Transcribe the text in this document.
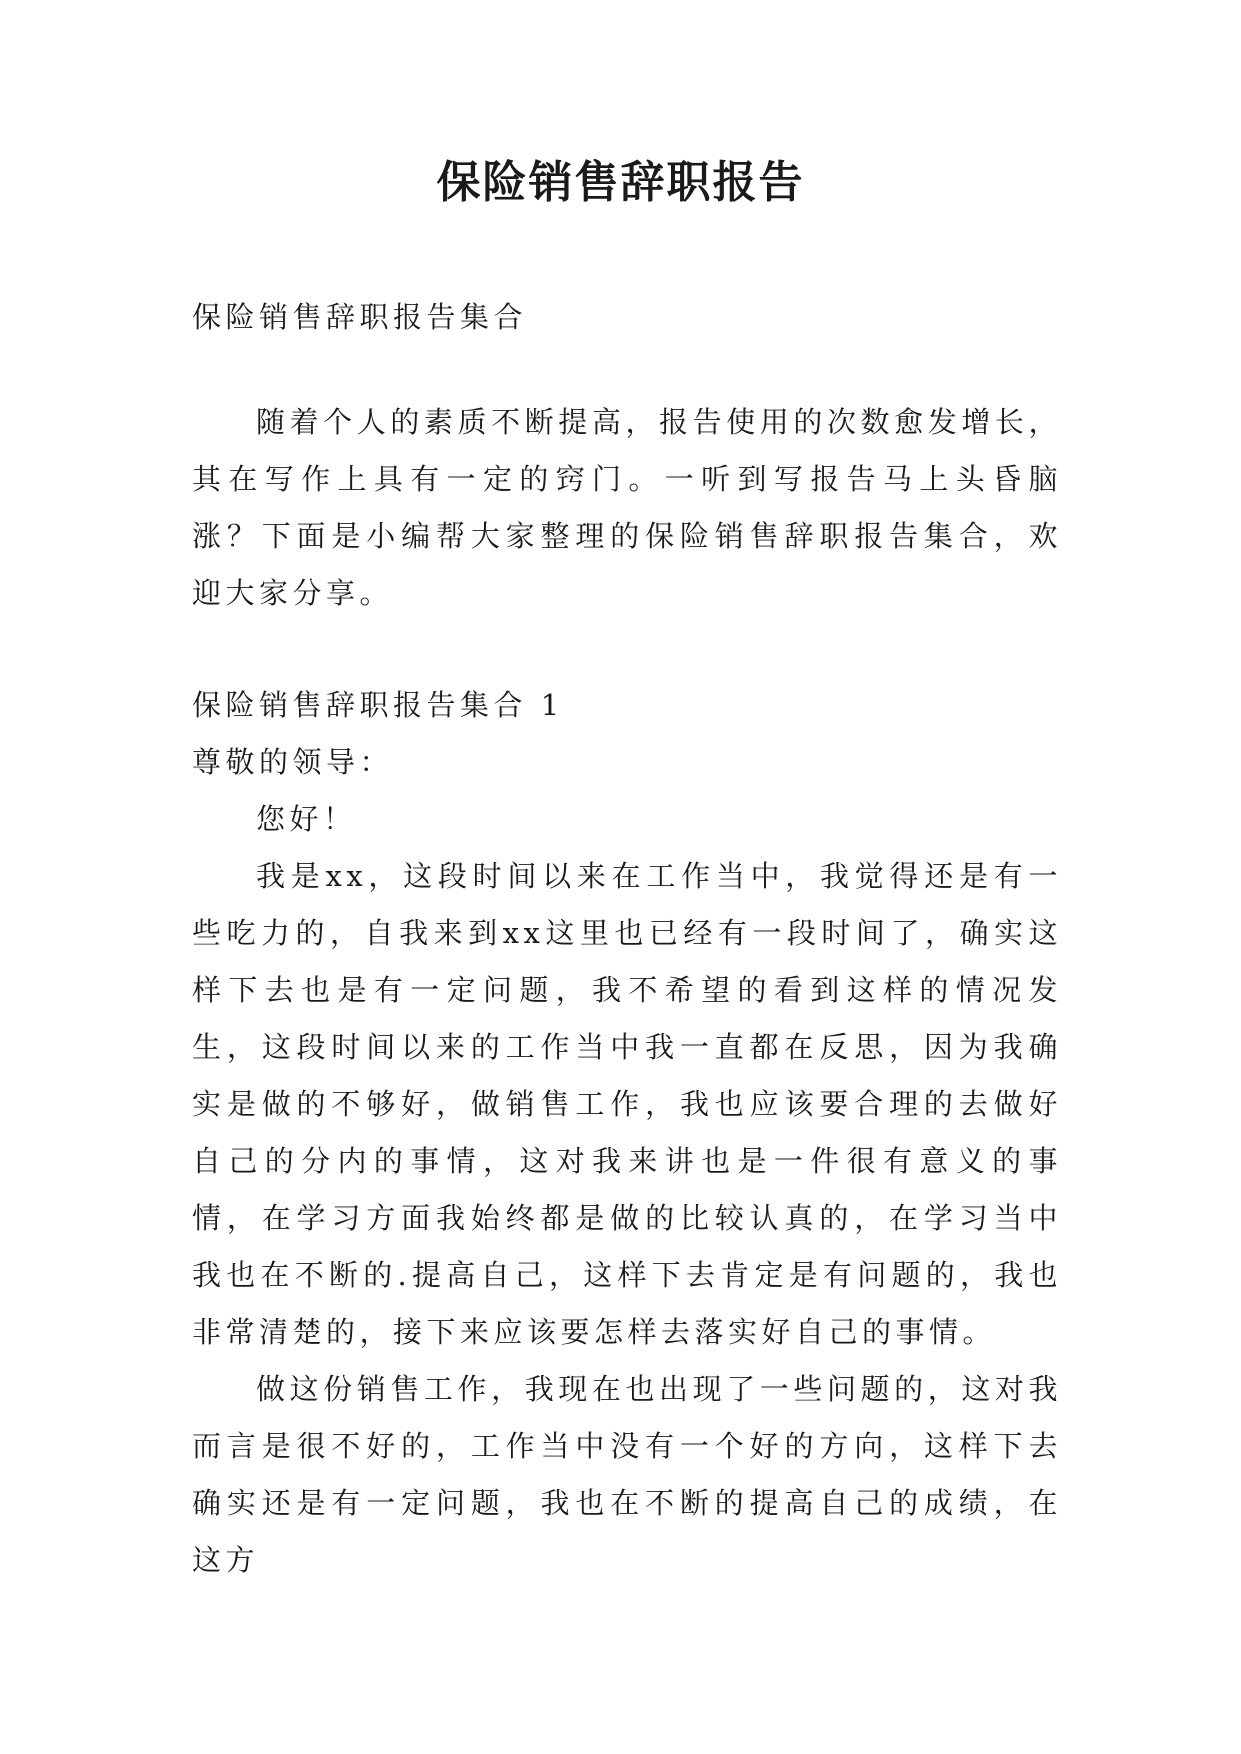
保险销售辞职报告

保险销售辞职报告集合

随着个人的素质不断提高，报告使用的次数愈发增长，其在写作上具有一定的窍门。一听到写报告马上头昏脑涨？下面是小编帮大家整理的保险销售辞职报告集合，欢迎大家分享。

保险销售辞职报告集合 1

尊敬的领导：

您好！

我是xx，这段时间以来在工作当中，我觉得还是有一些吃力的，自我来到xx这里也已经有一段时间了，确实这样下去也是有一定问题，我不希望的看到这样的情况发生，这段时间以来的工作当中我一直都在反思，因为我确实是做的不够好，做销售工作，我也应该要合理的去做好自己的分内的事情，这对我来讲也是一件很有意义的事情，在学习方面我始终都是做的比较认真的，在学习当中我也在不断的.提高自己，这样下去肯定是有问题的，我也非常清楚的，接下来应该要怎样去落实好自己的事情。

做这份销售工作，我现在也出现了一些问题的，这对我而言是很不好的，工作当中没有一个好的方向，这样下去确实还是有一定问题，我也在不断的提高自己的成绩，在这方
